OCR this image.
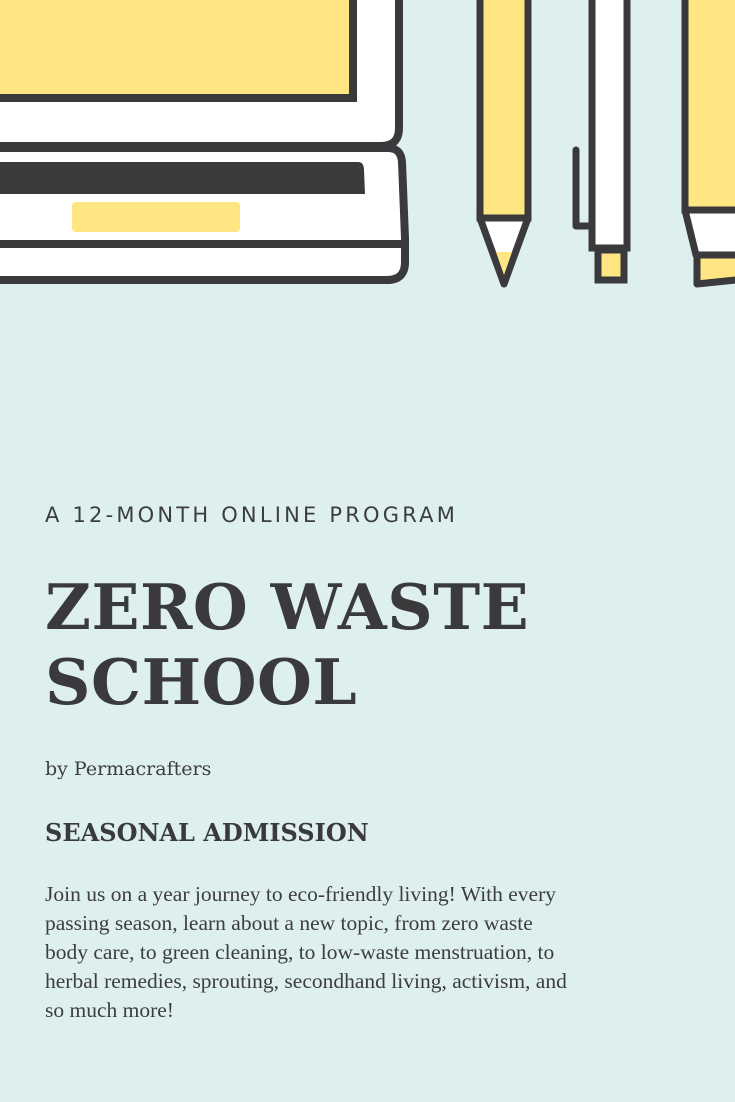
A 12-MONTH ONLINE PROGRAM
ZERO WASTE
SCHOOL
by Permacrafters
SEASONAL ADMISSION

Join us on a year journey to eco-friendly living! With every passing season, learn about a new topic, from zero waste body care, to green cleaning, to low-waste menstruation, to herbal remedies, sprouting, secondhand living, activism, and so much more!
